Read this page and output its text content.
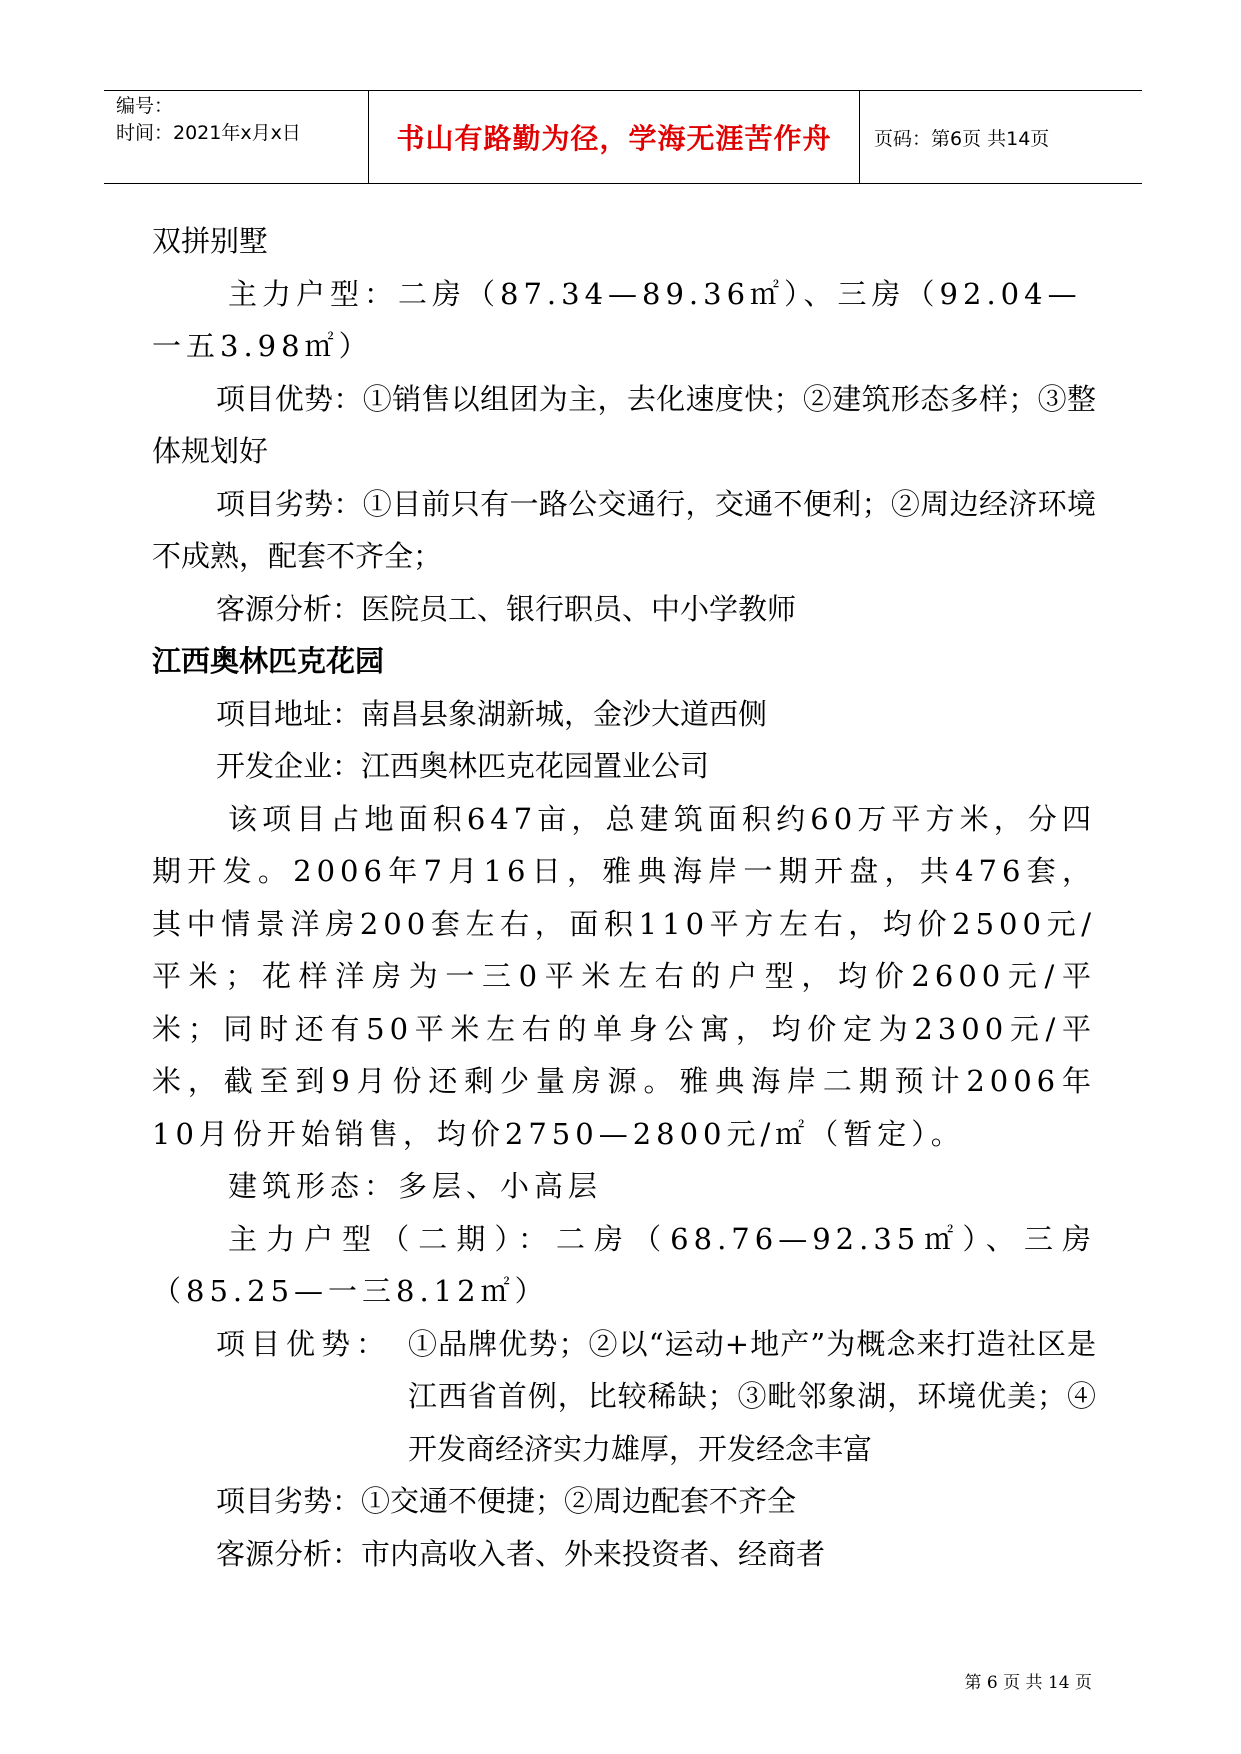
编号：
时间：2021年x月x日	书山有路勤为径，学海无涯苦作舟	页码：第6页 共14页

双拼别墅

主力户型：二房（87.34—89.36㎡）、三房（92.04—一五3.98㎡）

项目优势：①销售以组团为主，去化速度快；②建筑形态多样；③整体规划好

项目劣势：①目前只有一路公交通行，交通不便利；②周边经济环境不成熟，配套不齐全；

客源分析：医院员工、银行职员、中小学教师

江西奥林匹克花园

项目地址：南昌县象湖新城，金沙大道西侧

开发企业：江西奥林匹克花园置业公司

该项目占地面积647亩，总建筑面积约60万平方米，分四期开发。2006年7月16日，雅典海岸一期开盘，共476套，其中情景洋房200套左右，面积110平方左右，均价2500元/平米；花样洋房为一三0平米左右的户型，均价2600元/平米；同时还有50平米左右的单身公寓，均价定为2300元/平米，截至到9月份还剩少量房源。雅典海岸二期预计2006年10月份开始销售，均价2750—2800元/㎡（暂定）。

建筑形态：多层、小高层

主力户型（二期）：二房（68.76—92.35㎡）、三房（85.25—一三8.12㎡）

项目优势： ①品牌优势；②以“运动+地产”为概念来打造社区是江西省首例，比较稀缺；③毗邻象湖，环境优美；④开发商经济实力雄厚，开发经念丰富

项目劣势：①交通不便捷；②周边配套不齐全

客源分析：市内高收入者、外来投资者、经商者

第 6 页 共 14 页
